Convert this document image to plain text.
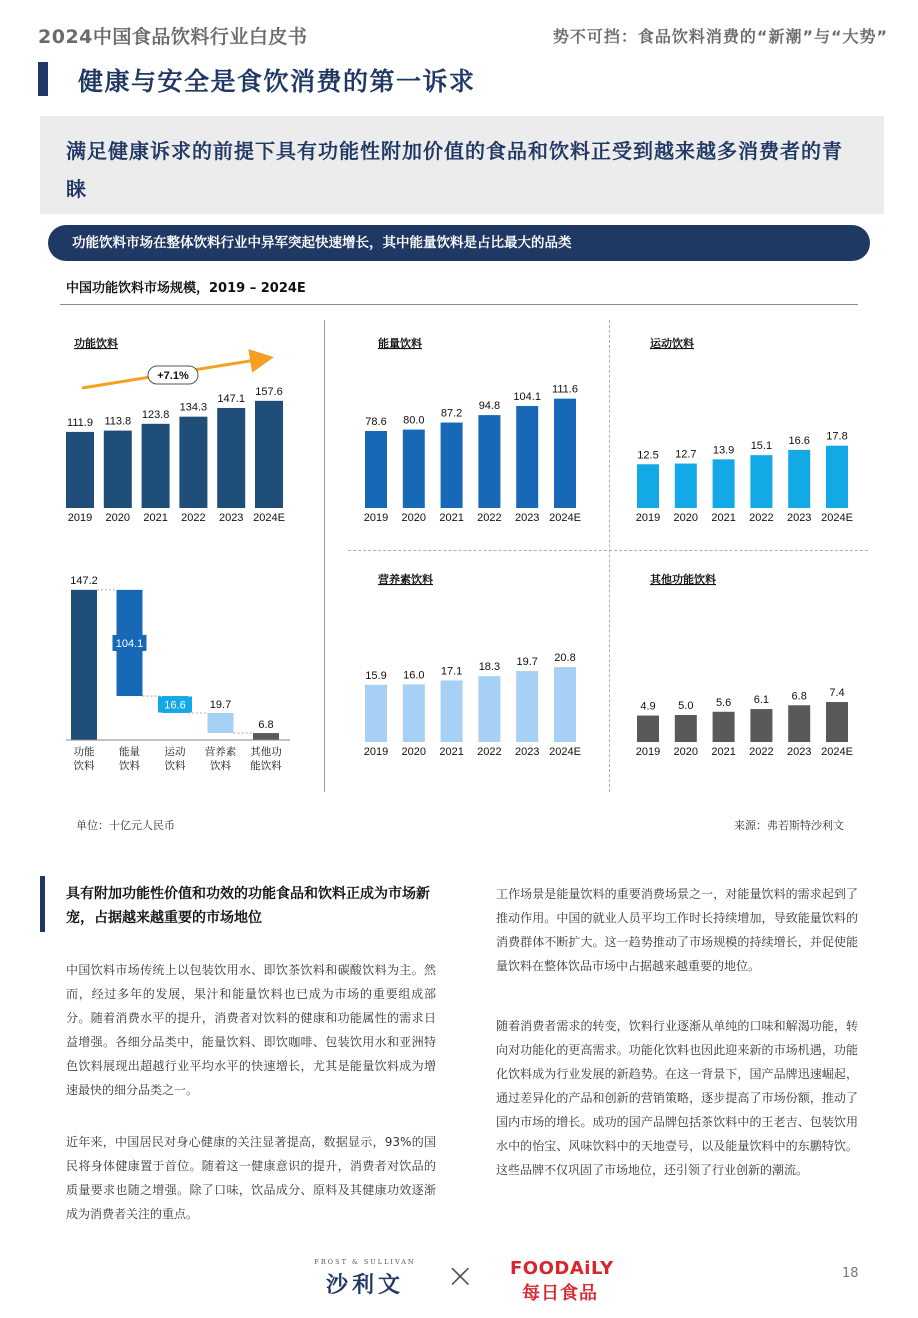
2024中国食品饮料行业白皮书	势不可挡：食品饮料消费的“新潮”与“大势”
健康与安全是食饮消费的第一诉求
满足健康诉求的前提下具有功能性附加价值的食品和饮料正受到越来越多消费者的青睐
功能饮料市场在整体饮料行业中异军突起快速增长，其中能量饮料是占比最大的品类
中国功能饮料市场规模，2019 – 2024E
功能饮料
111.9
2019
113.8
2020
123.8
2021
134.3
2022
147.1
2023
157.6
2024E
+7.1%
能量饮料
78.6
2019
80.0
2020
87.2
2021
94.8
2022
104.1
2023
111.6
2024E
运动饮料
12.5
2019
12.7
2020
13.9
2021
15.1
2022
16.6
2023
17.8
2024E
营养素饮料
15.9
2019
16.0
2020
17.1
2021
18.3
2022
19.7
2023
20.8
2024E
其他功能饮料
4.9
2019
5.0
2020
5.6
2021
6.1
2022
6.8
2023
7.4
2024E
147.2
功能
饮料
104.1
能量
饮料
16.6
运动
饮料
19.7
营养素
饮料
6.8
其他功
能饮料
单位：十亿元人民币	来源：弗若斯特沙利文
具有附加功能性价值和功效的功能食品和饮料正成为市场新宠，占据越来越重要的市场地位
中国饮料市场传统上以包装饮用水、即饮茶饮料和碳酸饮料为主。然而，经过多年的发展，果汁和能量饮料也已成为市场的重要组成部分。随着消费水平的提升，消费者对饮料的健康和功能属性的需求日益增强。各细分品类中，能量饮料、即饮咖啡、包装饮用水和亚洲特色饮料展现出超越行业平均水平的快速增长，尤其是能量饮料成为增速最快的细分品类之一。
近年来，中国居民对身心健康的关注显著提高，数据显示，93%的国民将身体健康置于首位。随着这一健康意识的提升，消费者对饮品的质量要求也随之增强。除了口味，饮品成分、原料及其健康功效逐渐成为消费者关注的重点。
工作场景是能量饮料的重要消费场景之一，对能量饮料的需求起到了推动作用。中国的就业人员平均工作时长持续增加，导致能量饮料的消费群体不断扩大。这一趋势推动了市场规模的持续增长，并促使能量饮料在整体饮品市场中占据越来越重要的地位。
随着消费者需求的转变，饮料行业逐渐从单纯的口味和解渴功能，转向对功能化的更高需求。功能化饮料也因此迎来新的市场机遇，功能化饮料成为行业发展的新趋势。在这一背景下，国产品牌迅速崛起，通过差异化的产品和创新的营销策略，逐步提高了市场份额，推动了国内市场的增长。成功的国产品牌包括茶饮料中的王老吉、包装饮用水中的怡宝、风味饮料中的天地壹号，以及能量饮料中的东鹏特饮。这些品牌不仅巩固了市场地位，还引领了行业创新的潮流。
FROST & SULLIVAN
沙利文	× FOODAiLY
每日食品
18
